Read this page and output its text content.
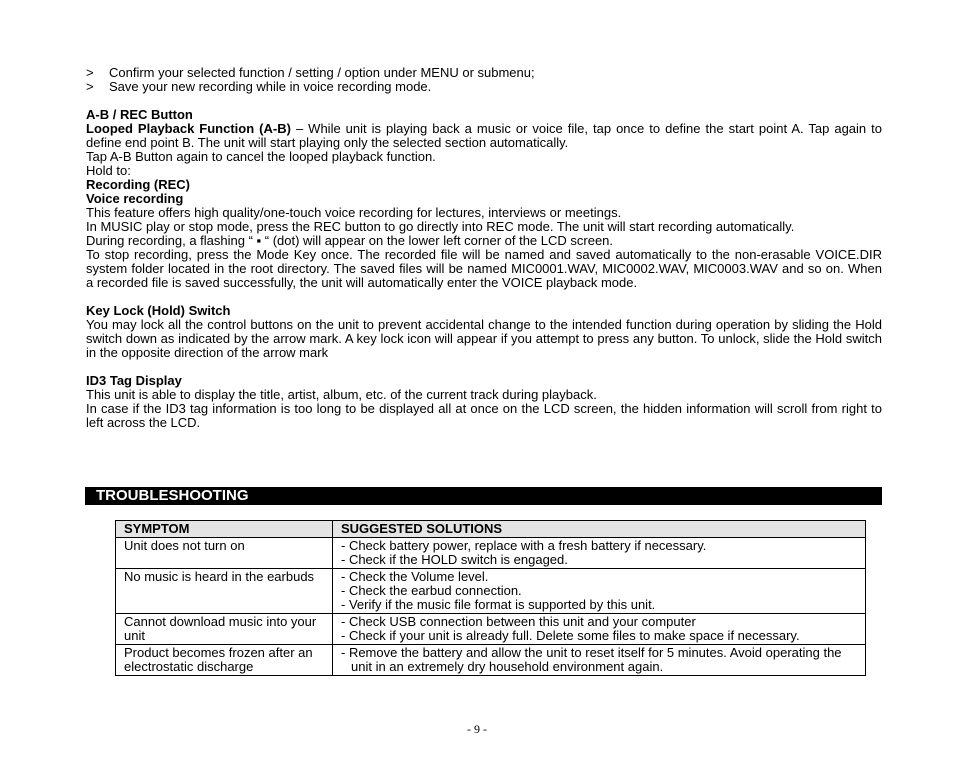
>	Confirm your selected function / setting / option under MENU or submenu;
>	Save your new recording while in voice recording mode.

A-B / REC Button

Looped Playback Function (A-B) – While unit is playing back a music or voice file, tap once to define the start point A. Tap again to define end point B. The unit will start playing only the selected section automatically.

Tap A-B Button again to cancel the looped playback function.

Hold to:

Recording (REC)

Voice recording

This feature offers high quality/one-touch voice recording for lectures, interviews or meetings.

In MUSIC play or stop mode, press the REC button to go directly into REC mode. The unit will start recording automatically.

During recording, a flashing “ ▪ “ (dot) will appear on the lower left corner of the LCD screen.

To stop recording, press the Mode Key once. The recorded file will be named and saved automatically to the non-erasable VOICE.DIR system folder located in the root directory. The saved files will be named MIC0001.WAV, MIC0002.WAV, MIC0003.WAV and so on. When a recorded file is saved successfully, the unit will automatically enter the VOICE playback mode.

Key Lock (Hold) Switch

You may lock all the control buttons on the unit to prevent accidental change to the intended function during operation by sliding the Hold switch down as indicated by the arrow mark. A key lock icon will appear if you attempt to press any button. To unlock, slide the Hold switch in the opposite direction of the arrow mark

ID3 Tag Display

This unit is able to display the title, artist, album, etc. of the current track during playback.

In case if the ID3 tag information is too long to be displayed all at once on the LCD screen, the hidden information will scroll from right to left across the LCD.

TROUBLESHOOTING
SYMPTOM	SUGGESTED SOLUTIONS
Unit does not turn on	- Check battery power, replace with a fresh battery if necessary.
- Check if the HOLD switch is engaged.

No music is heard in the earbuds	- Check the Volume level.
- Check the earbud connection.
- Verify if the music file format is supported by this unit.

Cannot download music into your unit	- Check USB connection between this unit and your computer
- Check if your unit is already full. Delete some files to make space if necessary.

Product becomes frozen after an electrostatic discharge	- Remove the battery and allow the unit to reset itself for 5 minutes. Avoid operating the unit in an extremely dry household environment again.
- 9 -
